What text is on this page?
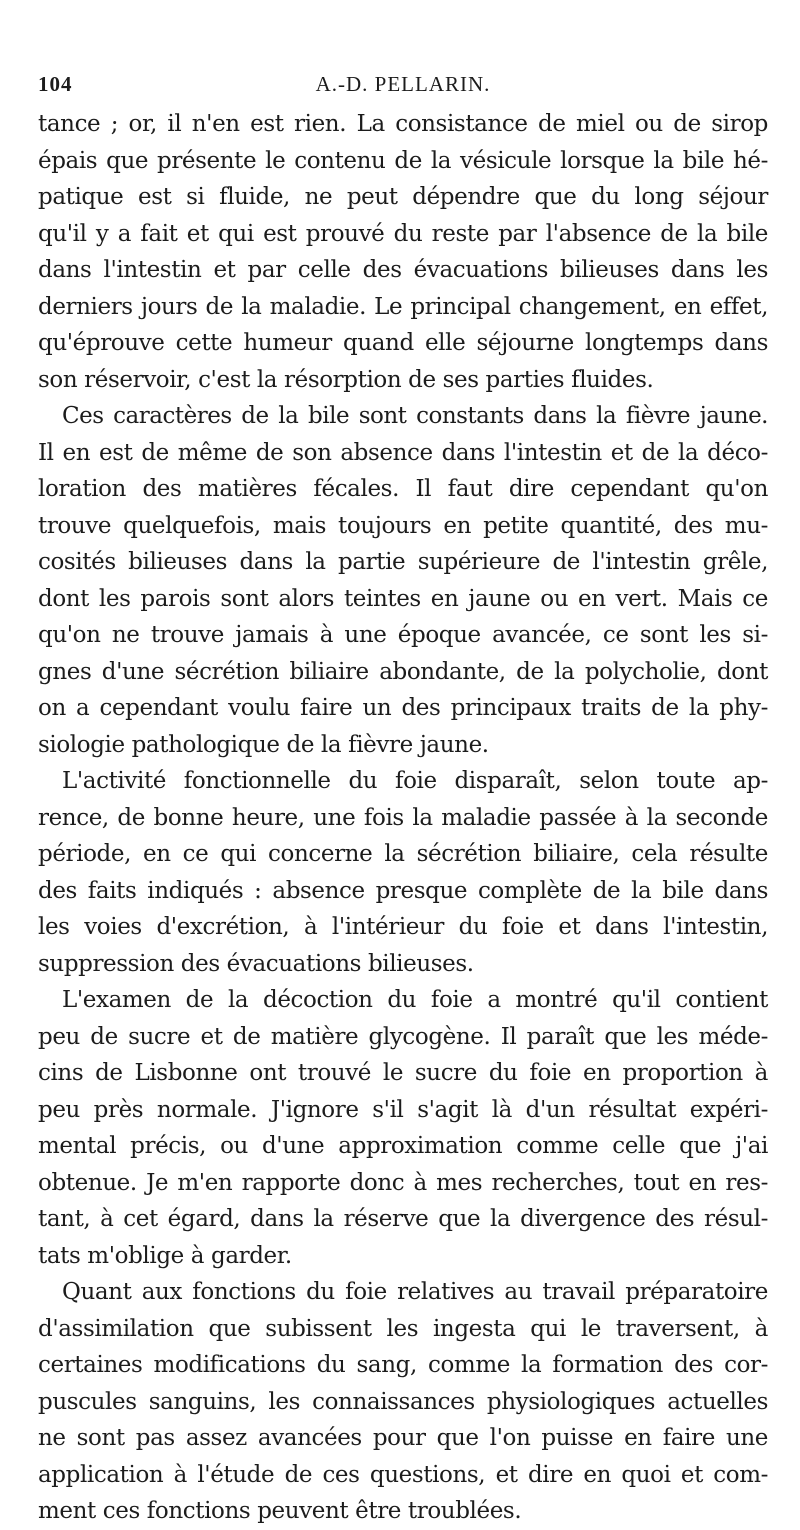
104	A.-D. PELLARIN.
tance ; or, il n'en est rien. La consistance de miel ou de sirop
épais que présente le contenu de la vésicule lorsque la bile hé-
patique est si fluide, ne peut dépendre que du long séjour
qu'il y a fait et qui est prouvé du reste par l'absence de la bile
dans l'intestin et par celle des évacuations bilieuses dans les
derniers jours de la maladie. Le principal changement, en effet,
qu'éprouve cette humeur quand elle séjourne longtemps dans
son réservoir, c'est la résorption de ses parties fluides.
Ces caractères de la bile sont constants dans la fièvre jaune.
Il en est de même de son absence dans l'intestin et de la déco-
loration des matières fécales. Il faut dire cependant qu'on
trouve quelquefois, mais toujours en petite quantité, des mu-
cosités bilieuses dans la partie supérieure de l'intestin grêle,
dont les parois sont alors teintes en jaune ou en vert. Mais ce
qu'on ne trouve jamais à une époque avancée, ce sont les si-
gnes d'une sécrétion biliaire abondante, de la polycholie, dont
on a cependant voulu faire un des principaux traits de la phy-
siologie pathologique de la fièvre jaune.
L'activité fonctionnelle du foie disparaît, selon toute ap-
rence, de bonne heure, une fois la maladie passée à la seconde
période, en ce qui concerne la sécrétion biliaire, cela résulte
des faits indiqués : absence presque complète de la bile dans
les voies d'excrétion, à l'intérieur du foie et dans l'intestin,
suppression des évacuations bilieuses.
L'examen de la décoction du foie a montré qu'il contient
peu de sucre et de matière glycogène. Il paraît que les méde-
cins de Lisbonne ont trouvé le sucre du foie en proportion à
peu près normale. J'ignore s'il s'agit là d'un résultat expéri-
mental précis, ou d'une approximation comme celle que j'ai
obtenue. Je m'en rapporte donc à mes recherches, tout en res-
tant, à cet égard, dans la réserve que la divergence des résul-
tats m'oblige à garder.
Quant aux fonctions du foie relatives au travail préparatoire
d'assimilation que subissent les ingesta qui le traversent, à
certaines modifications du sang, comme la formation des cor-
puscules sanguins, les connaissances physiologiques actuelles
ne sont pas assez avancées pour que l'on puisse en faire une
application à l'étude de ces questions, et dire en quoi et com-
ment ces fonctions peuvent être troublées.
